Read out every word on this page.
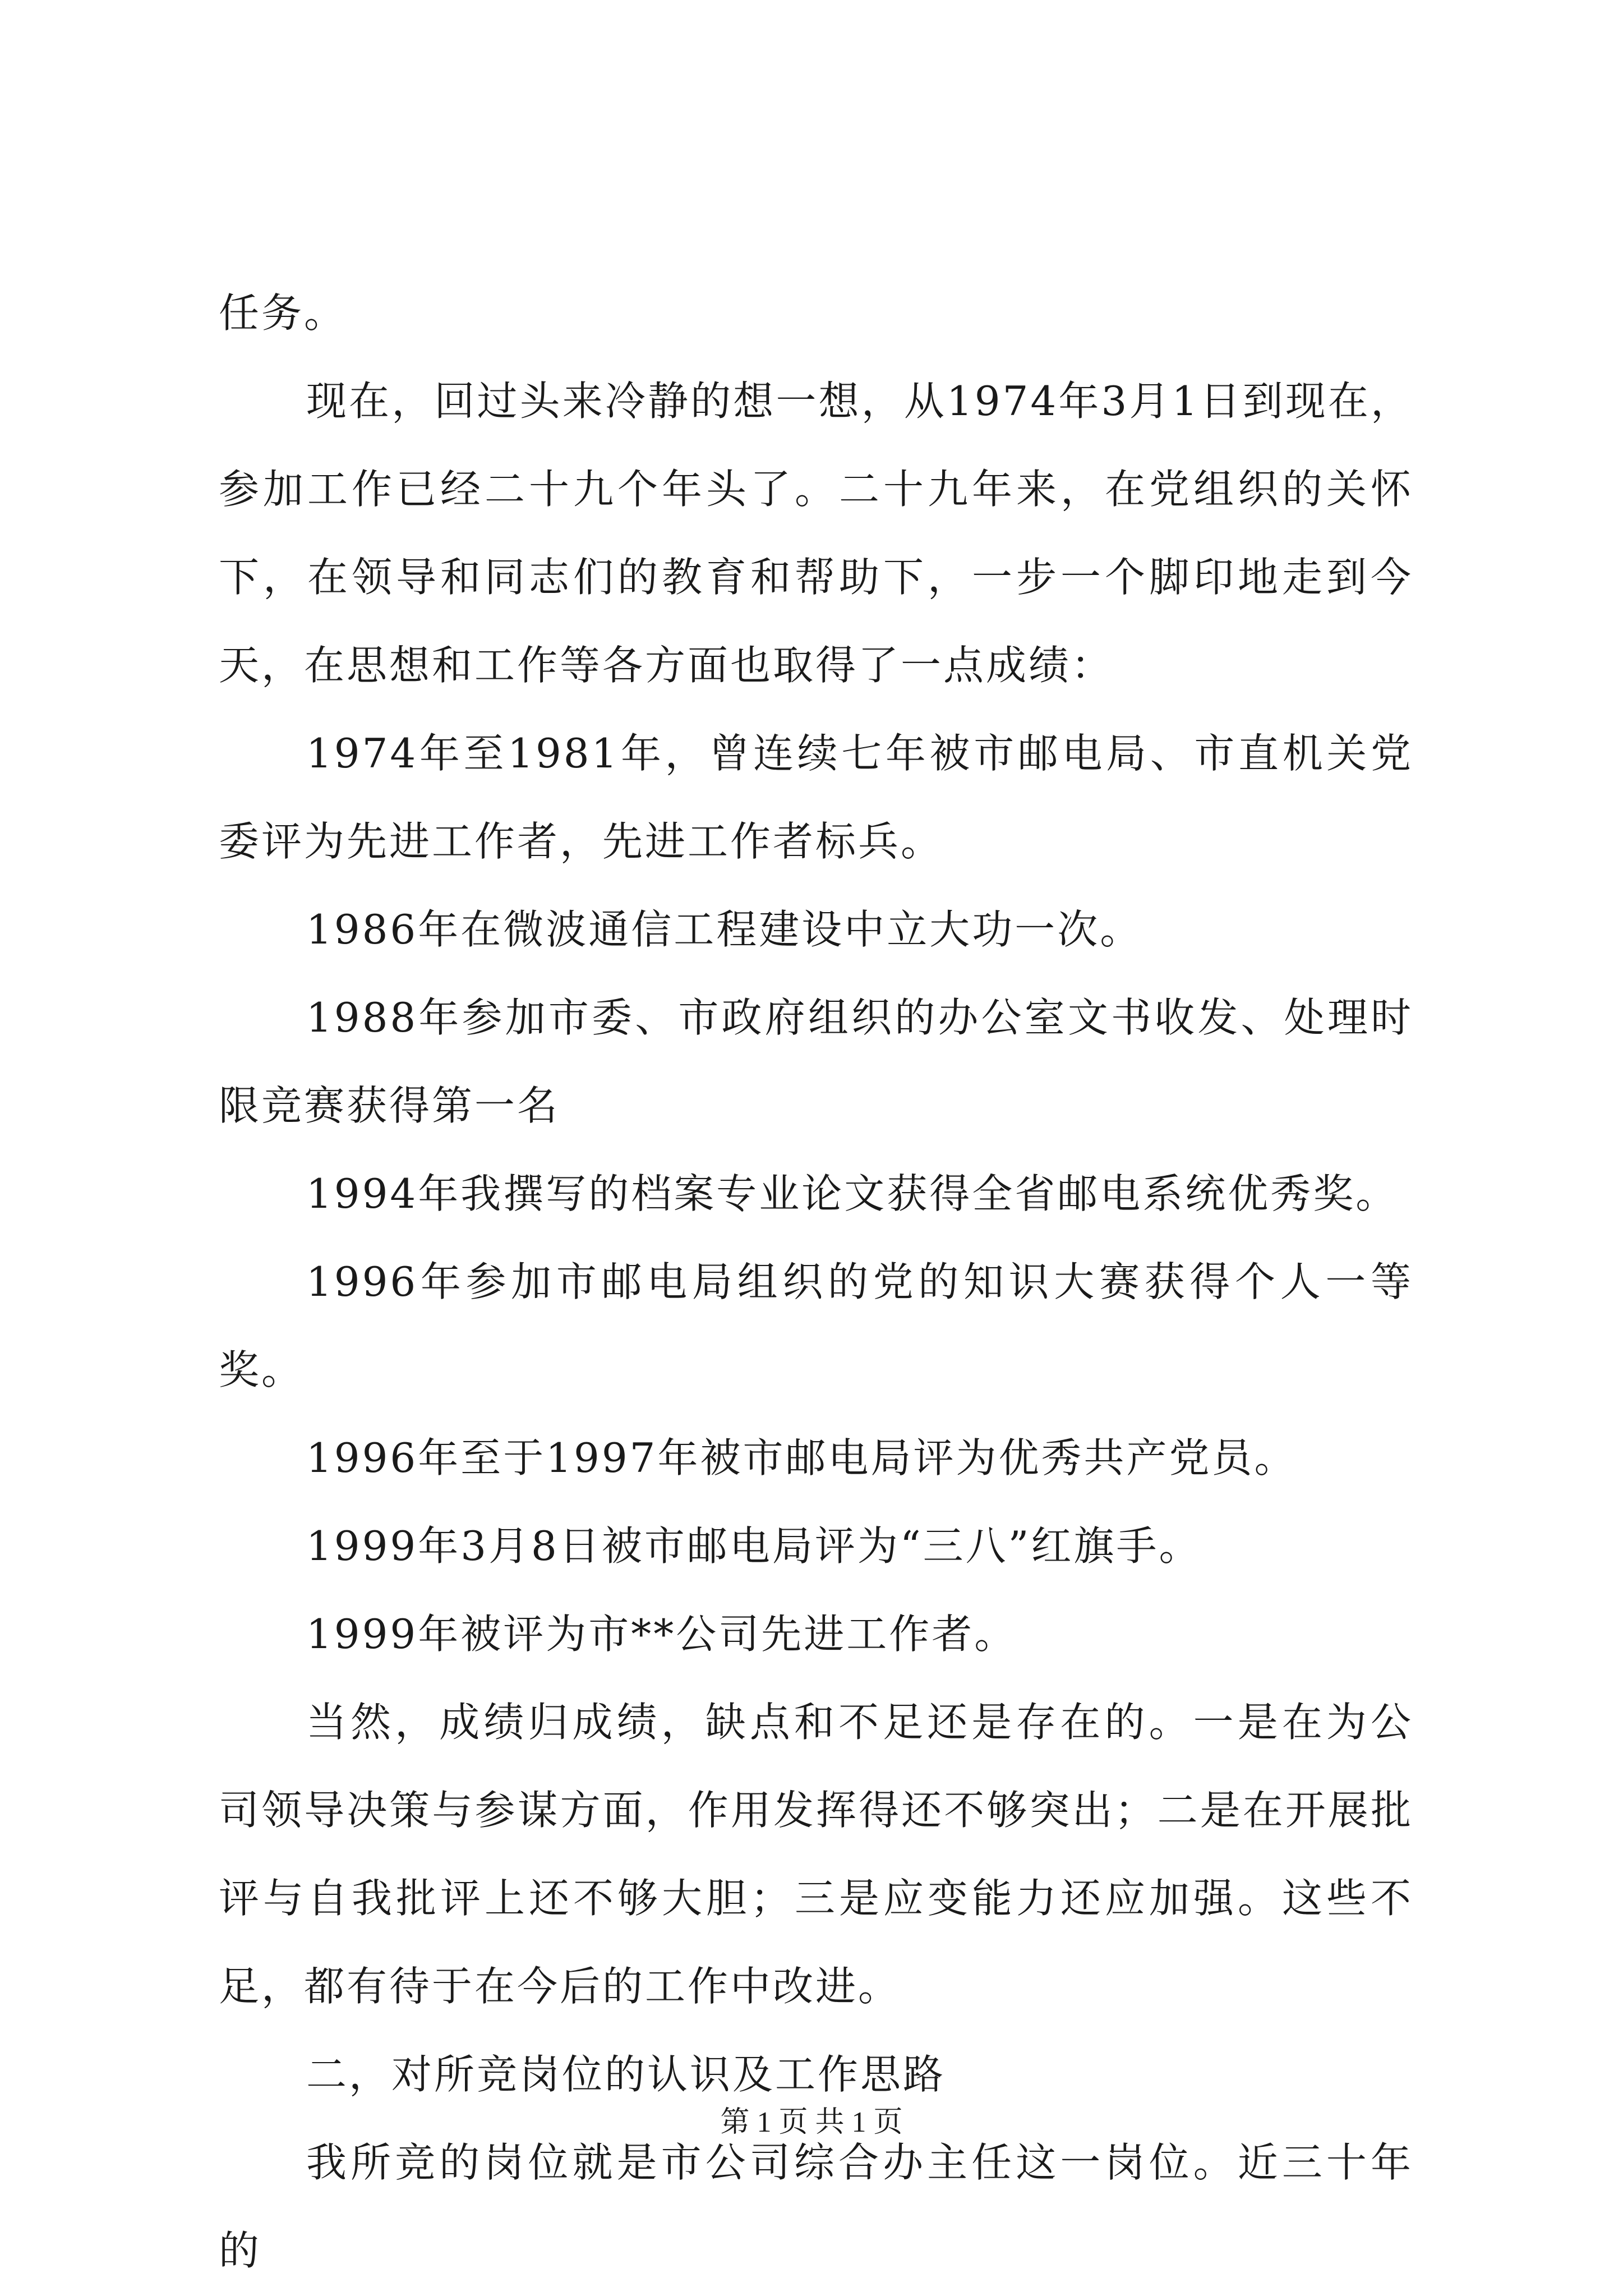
任务。

现在，回过头来冷静的想一想，从1974年3月1日到现在，参加工作已经二十九个年头了。二十九年来，在党组织的关怀下，在领导和同志们的教育和帮助下，一步一个脚印地走到今天，在思想和工作等各方面也取得了一点成绩：

1974年至1981年，曾连续七年被市邮电局、市直机关党委评为先进工作者，先进工作者标兵。

1986年在微波通信工程建设中立大功一次。

1988年参加市委、市政府组织的办公室文书收发、处理时限竞赛获得第一名

1994年我撰写的档案专业论文获得全省邮电系统优秀奖。

1996年参加市邮电局组织的党的知识大赛获得个人一等奖。

1996年至于1997年被市邮电局评为优秀共产党员。

1999年3月8日被市邮电局评为“三八”红旗手。

1999年被评为市**公司先进工作者。

当然，成绩归成绩，缺点和不足还是存在的。一是在为公司领导决策与参谋方面，作用发挥得还不够突出；二是在开展批评与自我批评上还不够大胆；三是应变能力还应加强。这些不足，都有待于在今后的工作中改进。

二，对所竞岗位的认识及工作思路

我所竞的岗位就是市公司综合办主任这一岗位。近三十年的

第 1 页 共 1 页
